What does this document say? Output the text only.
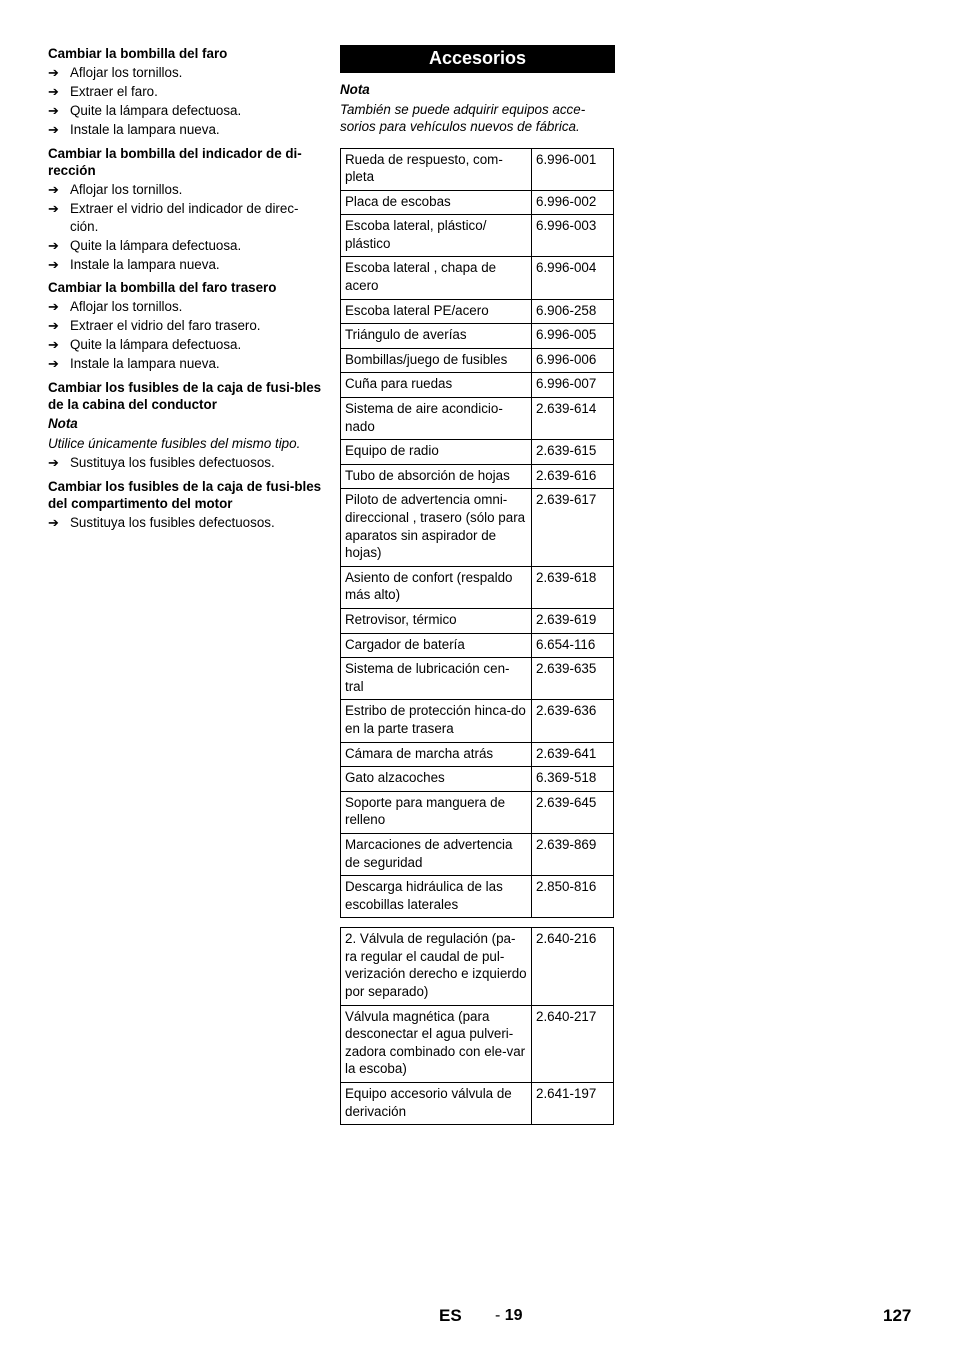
Cambiar la bombilla del faro

➔ Aflojar los tornillos.
➔ Extraer el faro.
➔ Quite la lámpara defectuosa.
➔ Instale la lampara nueva.

Cambiar la bombilla del indicador de di-rección

➔ Aflojar los tornillos.
➔ Extraer el vidrio del indicador de direc-ción.
➔ Quite la lámpara defectuosa.
➔ Instale la lampara nueva.

Cambiar la bombilla del faro trasero

➔ Aflojar los tornillos.
➔ Extraer el vidrio del faro trasero.
➔ Quite la lámpara defectuosa.
➔ Instale la lampara nueva.

Cambiar los fusibles de la caja de fusi-bles de la cabina del conductor

Nota
Utilice únicamente fusibles del mismo tipo.
➔ Sustituya los fusibles defectuosos.

Cambiar los fusibles de la caja de fusi-bles del compartimento del motor

➔ Sustituya los fusibles defectuosos.
Accesorios
Nota
También se puede adquirir equipos acce-sorios para vehículos nuevos de fábrica.
Rueda de respuesto, com-pleta	6.996-001
Placa de escobas	6.996-002
Escoba lateral, plástico/ plástico	6.996-003
Escoba lateral , chapa de acero	6.996-004
Escoba lateral PE/acero	6.906-258
Triángulo de averías	6.996-005
Bombillas/juego de fusibles	6.996-006
Cuña para ruedas	6.996-007
Sistema de aire acondicio-nado	2.639-614
Equipo de radio	2.639-615
Tubo de absorción de hojas	2.639-616
Piloto de advertencia omni-direccional , trasero (sólo para aparatos sin aspirador de hojas)	2.639-617
Asiento de confort (respaldo más alto)	2.639-618
Retrovisor, térmico	2.639-619
Cargador de batería	6.654-116
Sistema de lubricación cen-tral	2.639-635
Estribo de protección hinca-do en la parte trasera	2.639-636
Cámara de marcha atrás	2.639-641
Gato alzacoches	6.369-518
Soporte para manguera de relleno	2.639-645
Marcaciones de advertencia de seguridad	2.639-869
Descarga hidráulica de las escobillas laterales	2.850-816
2. Válvula de regulación (pa-ra regular el caudal de pul-verización derecho e izquierdo por separado)	2.640-216
Válvula magnética (para desconectar el agua pulveri-zadora combinado con ele-var la escoba)	2.640-217
Equipo accesorio válvula de derivación	2.641-197
ES - 19	127
